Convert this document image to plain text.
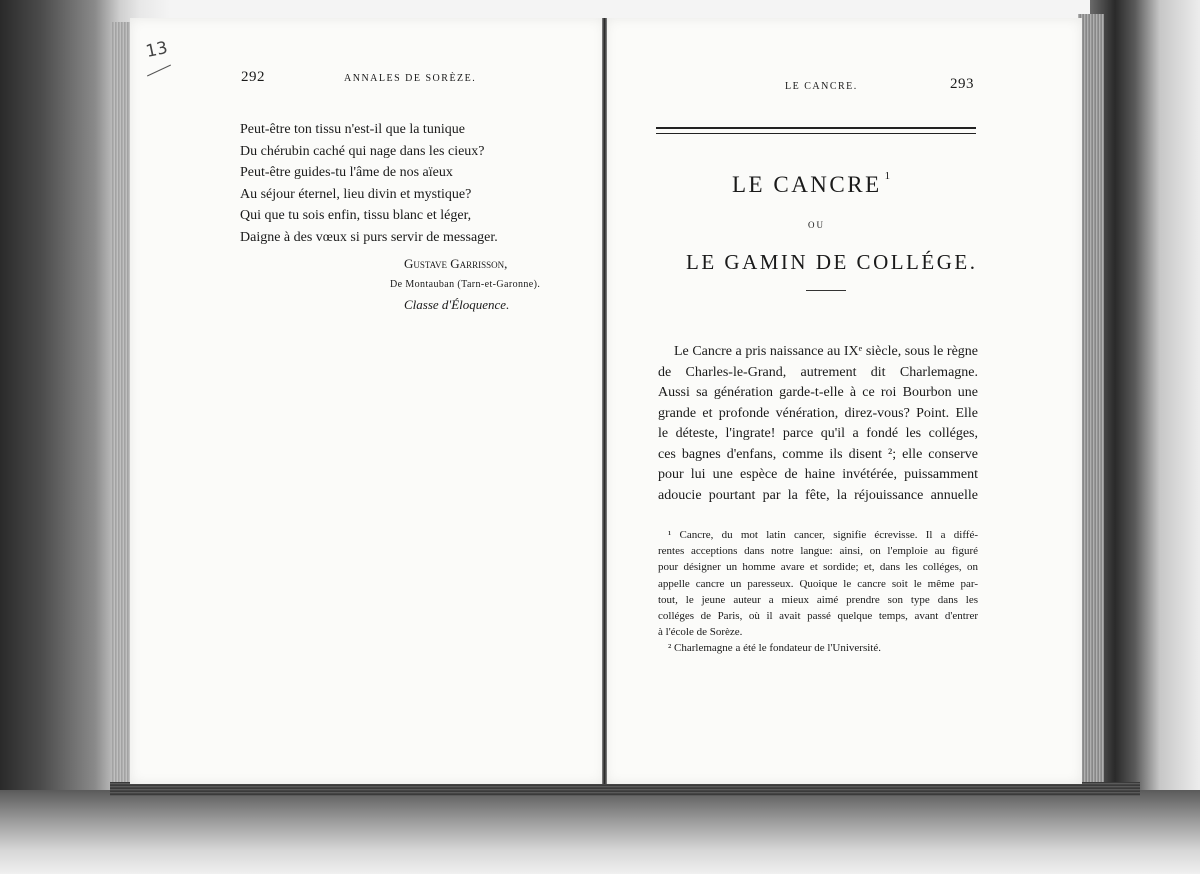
13
292	ANNALES DE SORÈZE.
Peut-être ton tissu n'est-il que la tunique
Du chérubin caché qui nage dans les cieux?
Peut-être guides-tu l'âme de nos aïeux
Au séjour éternel, lieu divin et mystique?
Qui que tu sois enfin, tissu blanc et léger,
Daigne à des vœux si purs servir de messager.
Gustave Garrisson,
De Montauban (Tarn-et-Garonne).
Classe d'Éloquence.
LE CANCRE.	293
LE CANCRE $^1$
OU
LE GAMIN DE COLLÉGE.
Le Cancre a pris naissance au IXᵉ siècle, sous le règne
de Charles-le-Grand, autrement dit Charlemagne.
Aussi sa génération garde-t-elle à ce roi Bourbon une
grande et profonde vénération, direz-vous? Point. Elle
le déteste, l'ingrate! parce qu'il a fondé les colléges,
ces bagnes d'enfans, comme ils disent ²; elle conserve
pour lui une espèce de haine invétérée, puissamment
adoucie pourtant par la fête, la réjouissance annuelle
¹ Cancre, du mot latin cancer, signifie écrevisse. Il a diffé-
rentes acceptions dans notre langue: ainsi, on l'emploie au figuré
pour désigner un homme avare et sordide; et, dans les colléges, on
appelle cancre un paresseux. Quoique le cancre soit le même par-
tout, le jeune auteur a mieux aimé prendre son type dans les
colléges de Paris, où il avait passé quelque temps, avant d'entrer
à l'école de Sorèze.
² Charlemagne a été le fondateur de l'Université.
